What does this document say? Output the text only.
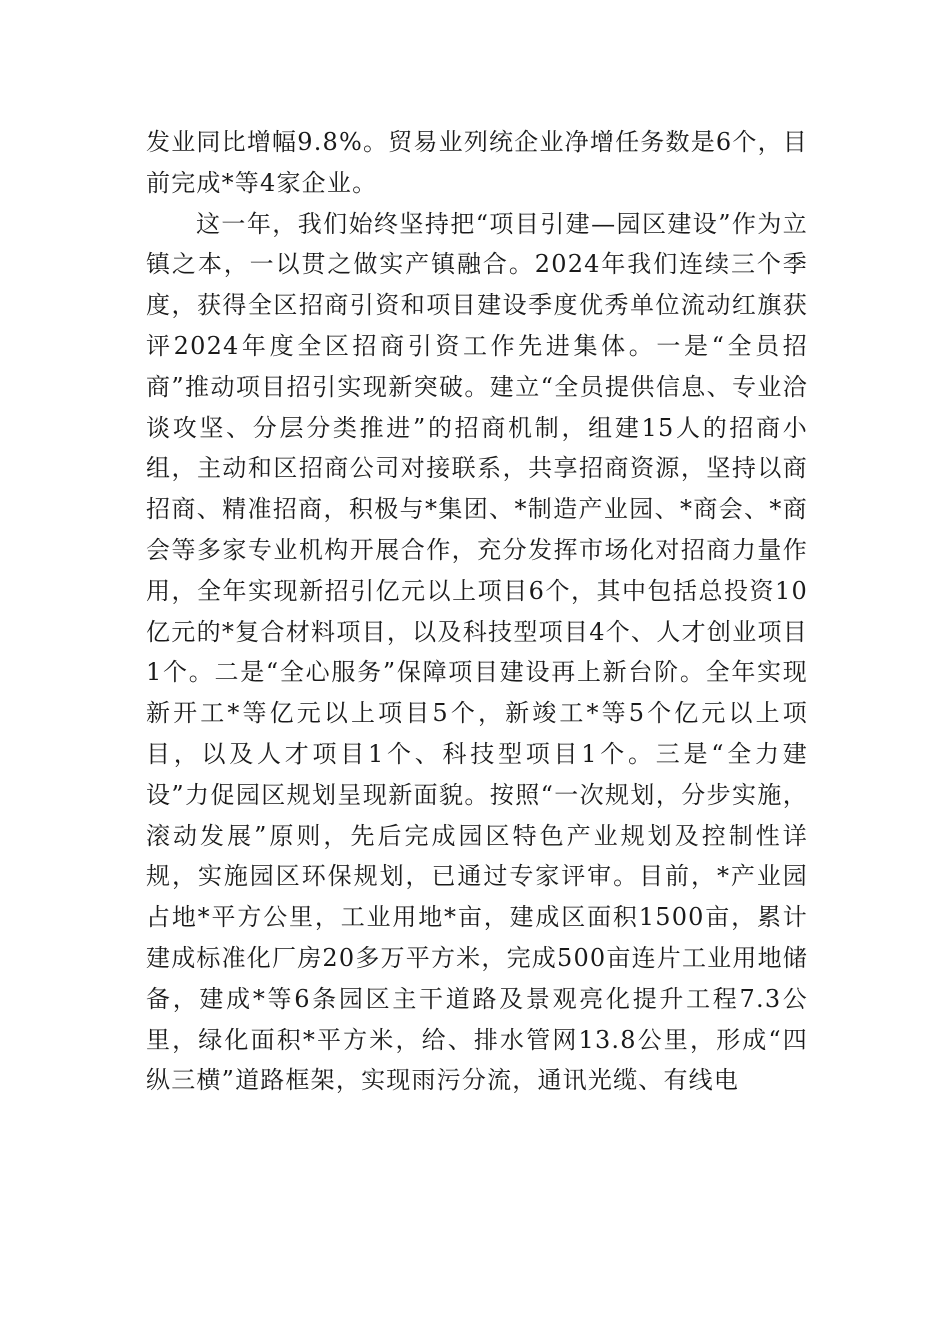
发业同比增幅9.8%。贸易业列统企业净增任务数是6个，目前完成*等4家企业。

这一年，我们始终坚持把“项目引建—园区建设”作为立镇之本，一以贯之做实产镇融合。2024年我们连续三个季度，获得全区招商引资和项目建设季度优秀单位流动红旗获评2024年度全区招商引资工作先进集体。一是“全员招商”推动项目招引实现新突破。建立“全员提供信息、专业洽谈攻坚、分层分类推进”的招商机制，组建15人的招商小组，主动和区招商公司对接联系，共享招商资源，坚持以商招商、精准招商，积极与*集团、*制造产业园、*商会、*商会等多家专业机构开展合作，充分发挥市场化对招商力量作用，全年实现新招引亿元以上项目6个，其中包括总投资10亿元的*复合材料项目，以及科技型项目4个、人才创业项目1个。二是“全心服务”保障项目建设再上新台阶。全年实现新开工*等亿元以上项目5个，新竣工*等5个亿元以上项目，以及人才项目1个、科技型项目1个。三是“全力建设”力促园区规划呈现新面貌。按照“一次规划，分步实施，滚动发展”原则，先后完成园区特色产业规划及控制性详规，实施园区环保规划，已通过专家评审。目前，*产业园占地*平方公里，工业用地*亩，建成区面积1500亩，累计建成标准化厂房20多万平方米，完成500亩连片工业用地储备，建成*等6条园区主干道路及景观亮化提升工程7.3公里，绿化面积*平方米，给、排水管网13.8公里，形成“四纵三横”道路框架，实现雨污分流，通讯光缆、有线电
